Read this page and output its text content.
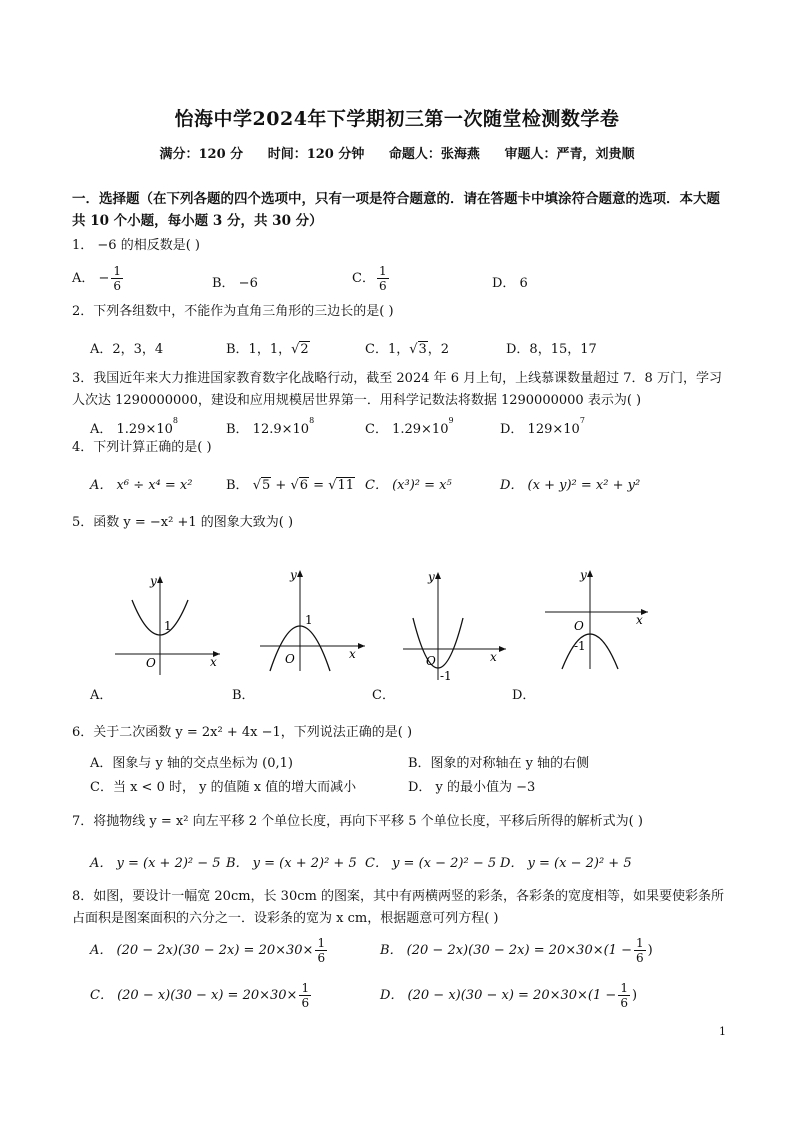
怡海中学2024年下学期初三第一次随堂检测数学卷
满分：120 分 时间：120 分钟 命题人：张海燕 审题人：严青，刘贵顺
一．选择题（在下列各题的四个选项中，只有一项是符合题意的．请在答题卡中填涂符合题意的选项．本大题共 10 个小题，每小题 3 分，共 30 分）
1． −6 的相反数是( )
A． − $\frac{1}{6}$	B． −6	C． $\frac{1}{6}$	D． 6
2．下列各组数中，不能作为直角三角形的三边长的是( )
A．2，3，4	B．1，1，√2	C．1，√3，2	D．8，15，17
3．我国近年来大力推进国家教育数字化战略行动，截至 2024 年 6 月上旬，上线慕课数量超过 7．8 万门，学习人次达 1290000000，建设和应用规模居世界第一．用科学记数法将数据 1290000000 表示为( )
A． $1.29\times 10^8$
B． $12.9\times 10^8$
C． $1.29\times 10^9$
D． $129\times 10^7$
4．下列计算正确的是( )
A． x⁶ ÷ x⁴ = x²	B． √5 + √6 = √11 C． (x³)² = x⁵	D． (x + y)² = x² + y²
5．函数 y = −x² +1 的图象大致为( )
y
x
O
1
y
x
O
1
y
x
O
-1
y
x
O
-1
A．	B．	C．	D．
6．关于二次函数 y = 2x² + 4x −1，下列说法正确的是( )
A．图象与 y 轴的交点坐标为 (0,1)	B．图象的对称轴在 y 轴的右侧
C．当 x < 0 时， y 的值随 x 值的增大而减小	D． y 的最小值为 −3
7．将抛物线 y = x² 向左平移 2 个单位长度，再向下平移 5 个单位长度，平移后所得的解析式为( )
A． y = (x + 2)² − 5 B． y = (x + 2)² + 5 C． y = (x − 2)² − 5 D． y = (x − 2)² + 5
8．如图，要设计一幅宽 20cm，长 30cm 的图案，其中有两横两竖的彩条，各彩条的宽度相等，如果要使彩条所占面积是图案面积的六分之一．设彩条的宽为 x cm，根据题意可列方程( )
A． $(20 - 2x)(30 - 2x) = 20\times 30\times \frac{1}{6}$	B． $(20 - 2x)(30 - 2x) = 20\times 30\times(1 - \frac{1}{6}$ )
C． $(20 - x)(30 - x) = 20\times 30\times \frac{1}{6}$	D． $(20 - x)(30 - x) = 20\times 30\times(1 - \frac{1}{6}$ )
1
